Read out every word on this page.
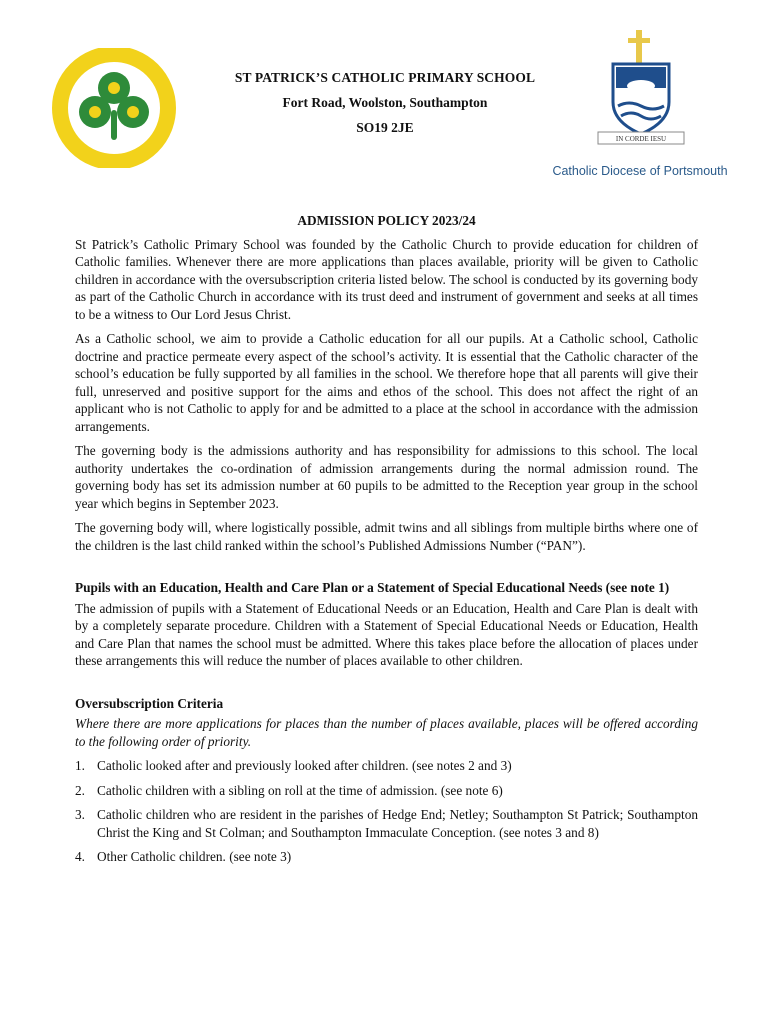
ST PATRICK’S CATHOLIC PRIMARY SCHOOL
Fort Road, Woolston, Southampton
SO19 2JE
IN CORDE IESU
Catholic Diocese of Portsmouth
ADMISSION POLICY 2023/24

St Patrick’s Catholic Primary School was founded by the Catholic Church to provide education for children of Catholic families. Whenever there are more applications than places available, priority will be given to Catholic children in accordance with the oversubscription criteria listed below. The school is conducted by its governing body as part of the Catholic Church in accordance with its trust deed and instrument of government and seeks at all times to be a witness to Our Lord Jesus Christ.

As a Catholic school, we aim to provide a Catholic education for all our pupils. At a Catholic school, Catholic doctrine and practice permeate every aspect of the school’s activity. It is essential that the Catholic character of the school’s education be fully supported by all families in the school. We therefore hope that all parents will give their full, unreserved and positive support for the aims and ethos of the school. This does not affect the right of an applicant who is not Catholic to apply for and be admitted to a place at the school in accordance with the admission arrangements.

The governing body is the admissions authority and has responsibility for admissions to this school. The local authority undertakes the co-ordination of admission arrangements during the normal admission round. The governing body has set its admission number at 60 pupils to be admitted to the Reception year group in the school year which begins in September 2023.

The governing body will, where logistically possible, admit twins and all siblings from multiple births where one of the children is the last child ranked within the school’s Published Admissions Number (“PAN”).

Pupils with an Education, Health and Care Plan or a Statement of Special Educational Needs (see note 1)

The admission of pupils with a Statement of Educational Needs or an Education, Health and Care Plan is dealt with by a completely separate procedure. Children with a Statement of Special Educational Needs or Education, Health and Care Plan that names the school must be admitted. Where this takes place before the allocation of places under these arrangements this will reduce the number of places available to other children.

Oversubscription Criteria

Where there are more applications for places than the number of places available, places will be offered according to the following order of priority.

1. Catholic looked after and previously looked after children. (see notes 2 and 3)
2. Catholic children with a sibling on roll at the time of admission. (see note 6)
3. Catholic children who are resident in the parishes of Hedge End; Netley; Southampton St Patrick; Southampton Christ the King and St Colman; and Southampton Immaculate Conception. (see notes 3 and 8)
4. Other Catholic children. (see note 3)
